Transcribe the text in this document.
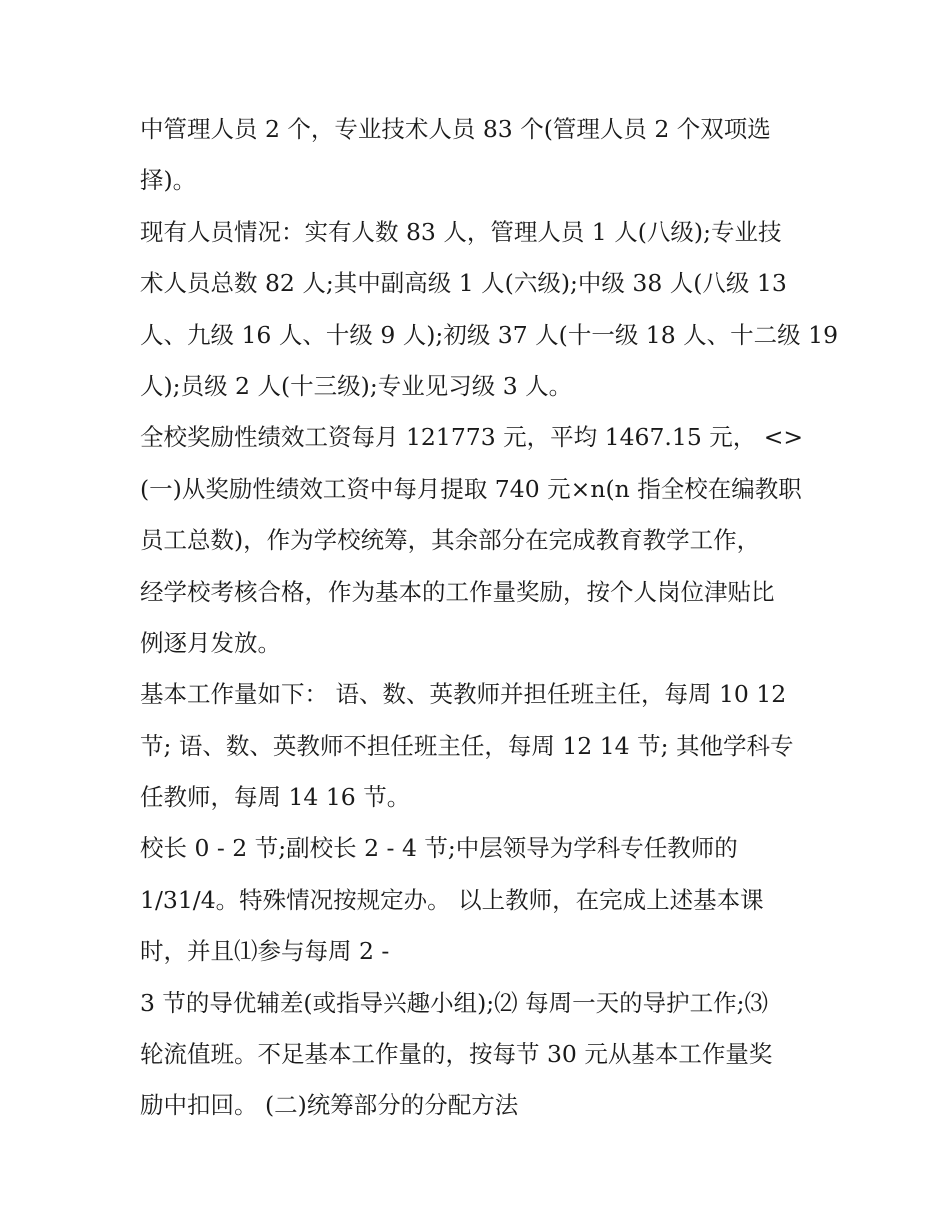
中管理人员 2 个，专业技术人员 83 个(管理人员 2 个双项选
择)。
现有人员情况：实有人数 83 人，管理人员 1 人(八级);专业技
术人员总数 82 人;其中副高级 1 人(六级);中级 38 人(八级 13
人、九级 16 人、十级 9 人);初级 37 人(十一级 18 人、十二级 19
人);员级 2 人(十三级);专业见习级 3 人。
全校奖励性绩效工资每月 121773 元，平均 1467.15 元， <>
(一)从奖励性绩效工资中每月提取 740 元×n(n 指全校在编教职
员工总数)，作为学校统筹，其余部分在完成教育教学工作，
经学校考核合格，作为基本的工作量奖励，按个人岗位津贴比
例逐月发放。
基本工作量如下： 语、数、英教师并担任班主任，每周 10 12
节; 语、数、英教师不担任班主任，每周 12 14 节; 其他学科专
任教师，每周 14 16 节。
校长 0 - 2 节;副校长 2 - 4 节;中层领导为学科专任教师的
1/31/4。特殊情况按规定办。 以上教师，在完成上述基本课
时，并且⑴参与每周 2 -
3 节的导优辅差(或指导兴趣小组);⑵ 每周一天的导护工作;⑶
轮流值班。不足基本工作量的，按每节 30 元从基本工作量奖
励中扣回。 (二)统筹部分的分配方法
